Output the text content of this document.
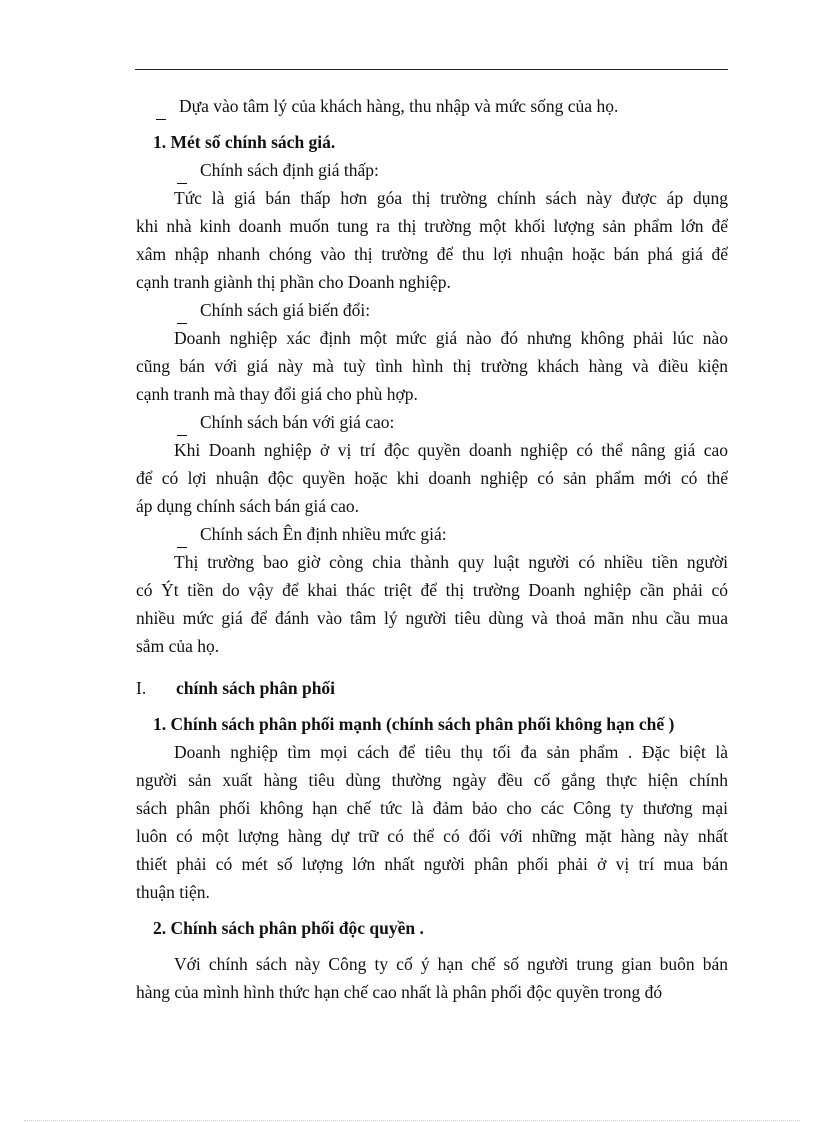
Dựa vào tâm lý của khách hàng, thu nhập và mức sống của họ.
1. Mét số chính sách giá.
Chính sách định giá thấp:
Tức là giá bán thấp hơn góa thị trường chính sách này được áp dụng
khi nhà kinh doanh muốn tung ra thị trường một khối lượng sản phẩm lớn để
xâm nhập nhanh chóng vào thị trường để thu lợi nhuận hoặc bán phá giá để
cạnh tranh giành thị phần cho Doanh nghiệp.
Chính sách giá biến đổi:
Doanh nghiệp xác định một mức giá nào đó nhưng không phải lúc nào
cũng bán với giá này mà tuỳ tình hình thị trường khách hàng và điều kiện
cạnh tranh mà thay đổi giá cho phù hợp.
Chính sách bán với giá cao:
Khi Doanh nghiệp ở vị trí độc quyền doanh nghiệp có thể nâng giá cao
để có lợi nhuận độc quyền hoặc khi doanh nghiệp có sản phẩm mới có thể
áp dụng chính sách bán giá cao.
Chính sách Ên định nhiều mức giá:
Thị trường bao giờ còng chia thành quy luật người có nhiều tiền người
có Ýt tiền do vậy để khai thác triệt để thị trường Doanh nghiệp cần phải có
nhiều mức giá để đánh vào tâm lý người tiêu dùng và thoả mãn nhu cầu mua
sắm của họ.
I. chính sách phân phối
1. Chính sách phân phối mạnh (chính sách phân phối không hạn chế )
Doanh nghiệp tìm mọi cách để tiêu thụ tối đa sản phẩm . Đặc biệt là
người sản xuất hàng tiêu dùng thường ngày đều cố gắng thực hiện chính
sách phân phối không hạn chế tức là đảm bảo cho các Công ty thương mại
luôn có một lượng hàng dự trữ có thể có đối với những mặt hàng này nhất
thiết phải có mét số lượng lớn nhất người phân phối phải ở vị trí mua bán
thuận tiện.
2. Chính sách phân phối độc quyền .
Với chính sách này Công ty cố ý hạn chế số người trung gian buôn bán
hàng của mình hình thức hạn chế cao nhất là phân phối độc quyền trong đó
